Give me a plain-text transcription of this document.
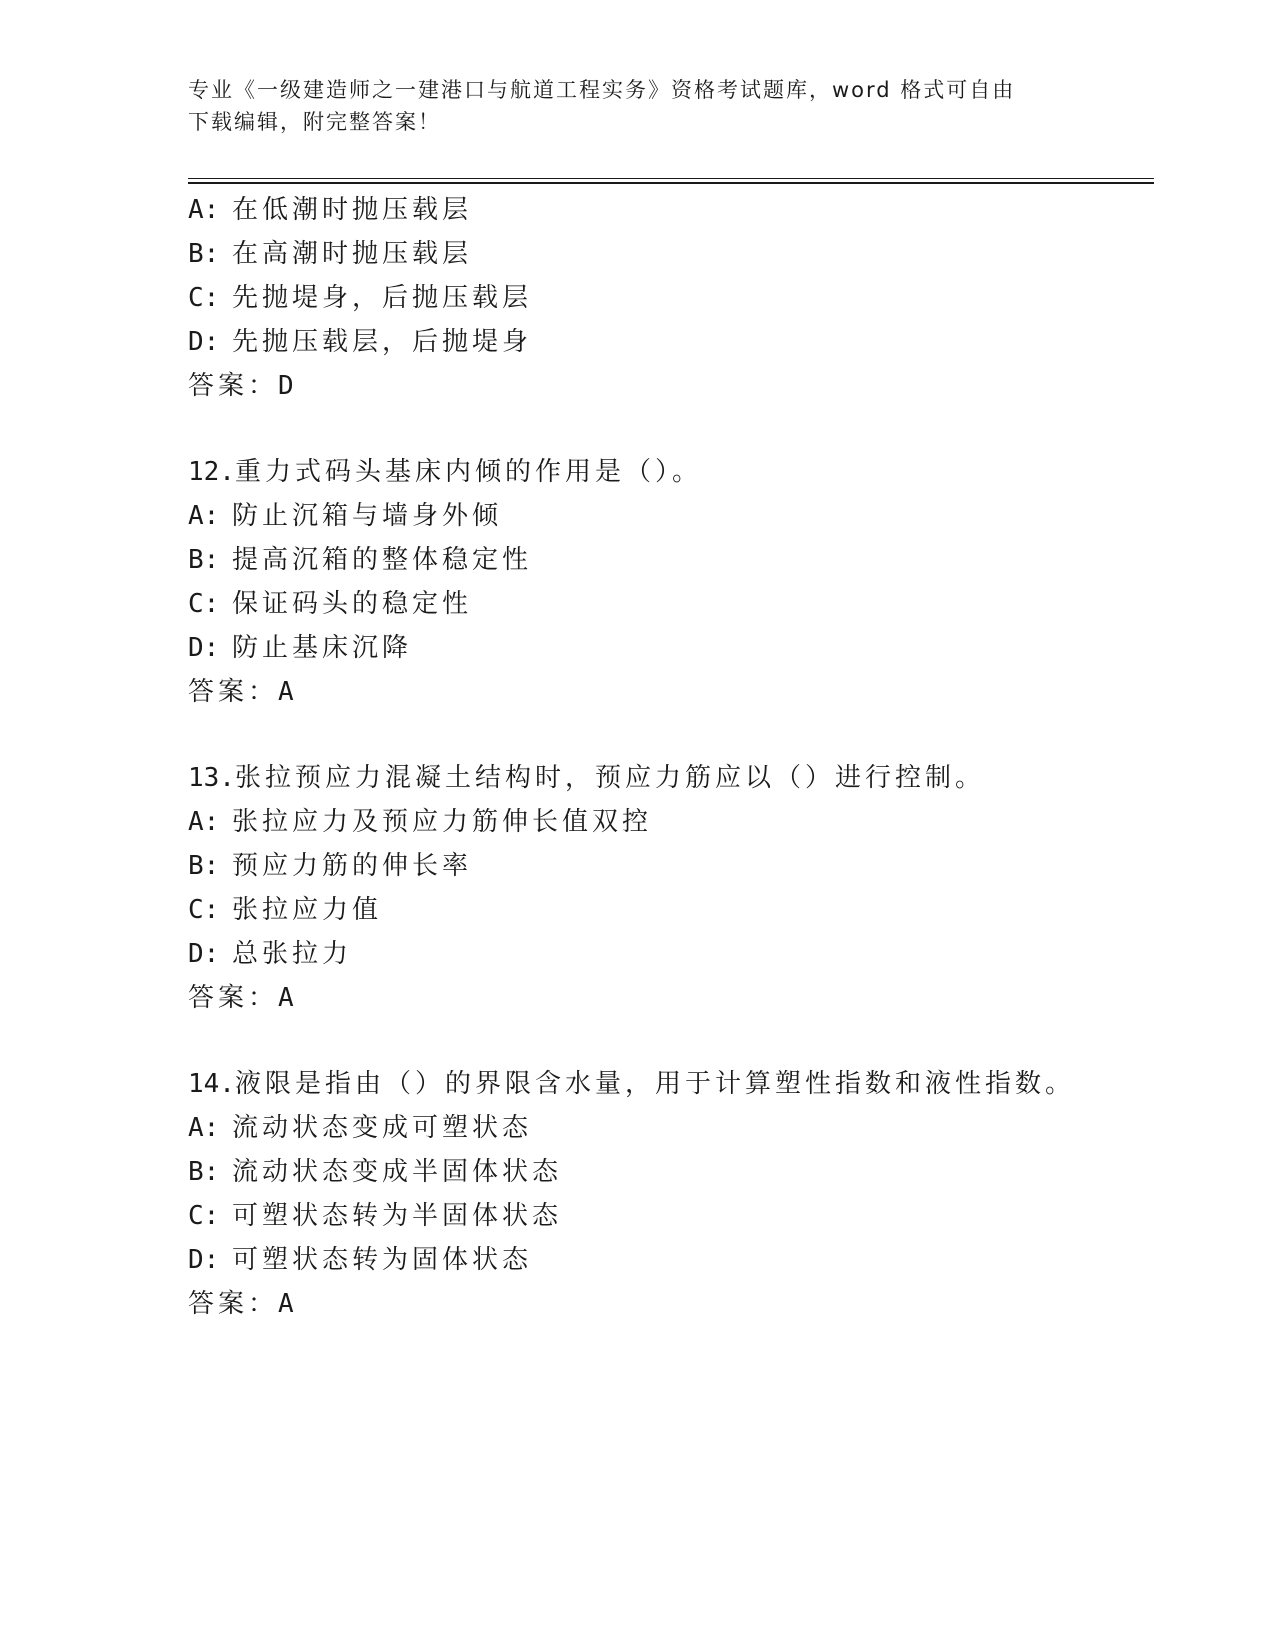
专业《一级建造师之一建港口与航道工程实务》资格考试题库，word 格式可自由
下载编辑，附完整答案！
A: 在低潮时抛压载层
B: 在高潮时抛压载层
C: 先抛堤身，后抛压载层
D: 先抛压载层，后抛堤身
答案：D
12.重力式码头基床内倾的作用是（）。
A: 防止沉箱与墙身外倾
B: 提高沉箱的整体稳定性
C: 保证码头的稳定性
D: 防止基床沉降
答案：A
13.张拉预应力混凝土结构时，预应力筋应以（）进行控制。
A: 张拉应力及预应力筋伸长值双控
B: 预应力筋的伸长率
C: 张拉应力值
D: 总张拉力
答案：A
14.液限是指由（）的界限含水量，用于计算塑性指数和液性指数。
A: 流动状态变成可塑状态
B: 流动状态变成半固体状态
C: 可塑状态转为半固体状态
D: 可塑状态转为固体状态
答案：A
